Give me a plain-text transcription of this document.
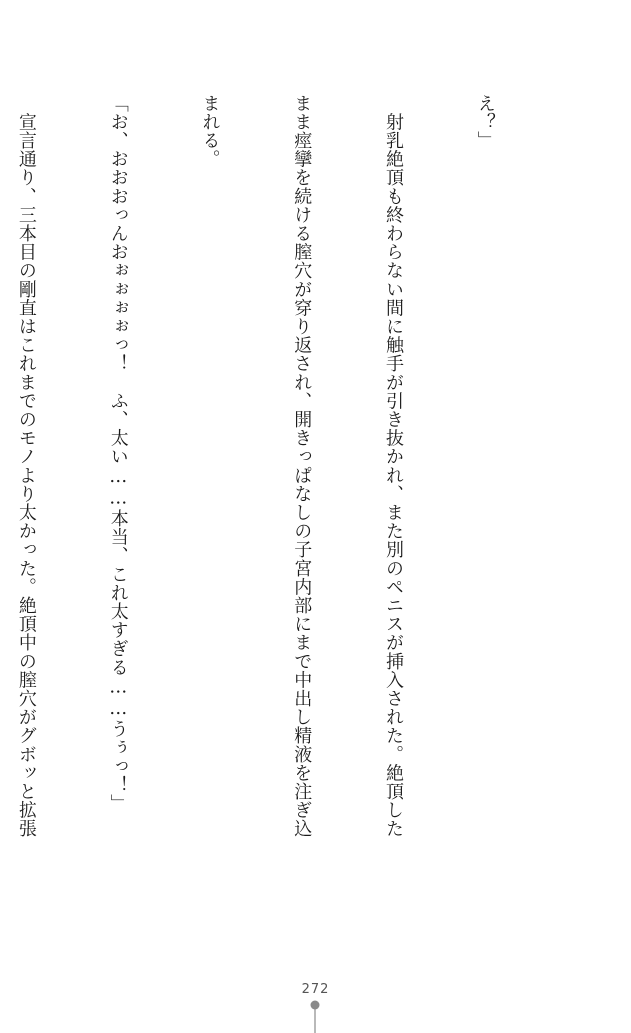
え？」

　射乳絶頂も終わらない間に触手が引き抜かれ、また別のペニスが挿入された。絶頂した

まま痙攣を続ける膣穴が穿り返され、開きっぱなしの子宮内部にまで中出し精液を注ぎ込

まれる。

「お、おおおっんおぉぉぉぉっ！　ふ、太い……本当、これ太すぎる……うぅっ！」

　宣言通り、三本目の剛直はこれまでのモノより太かった。絶頂中の膣穴がグボッと拡張

272
